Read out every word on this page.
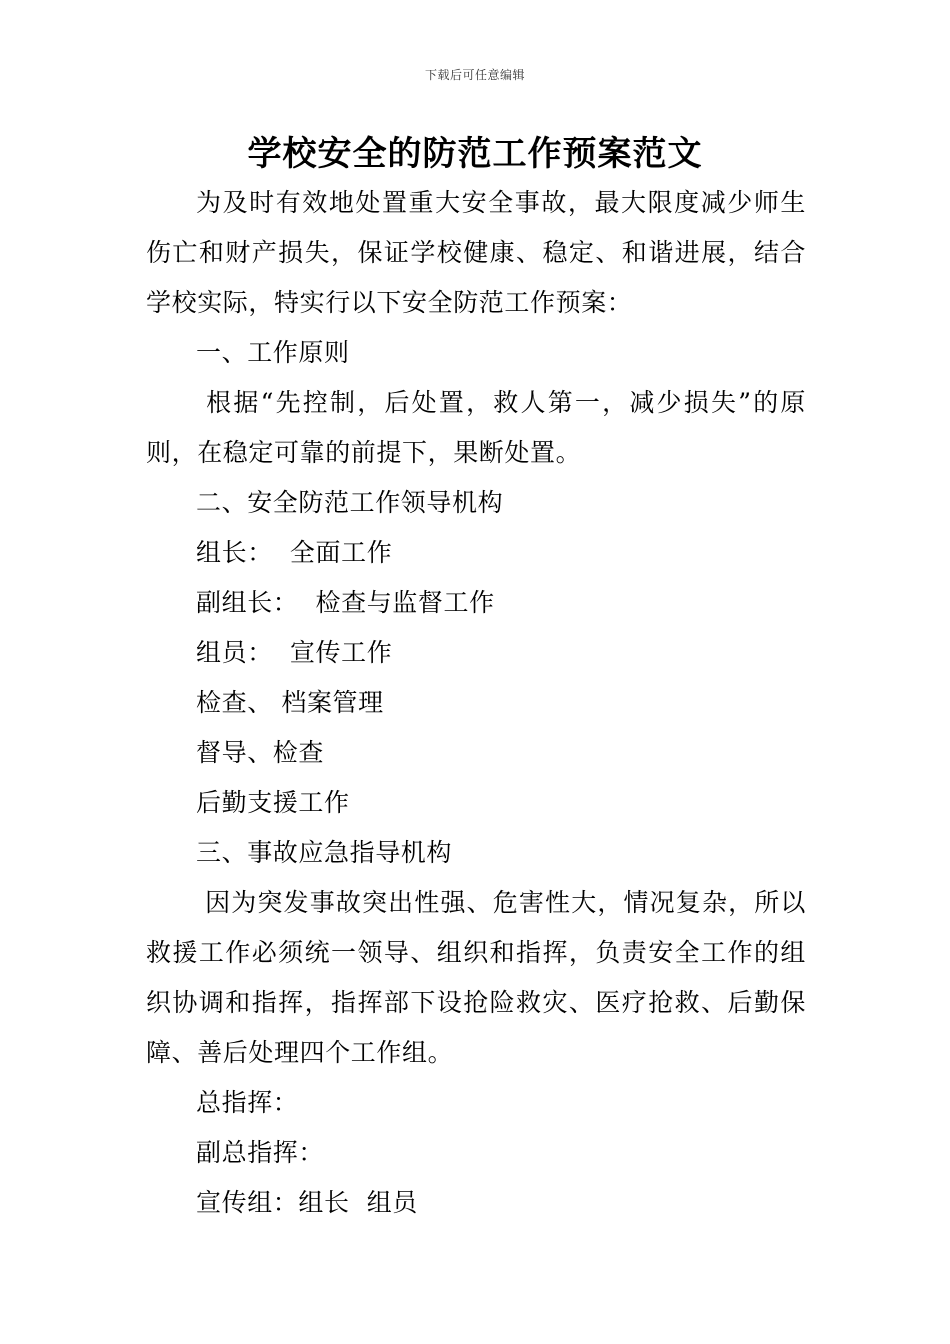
下载后可任意编辑
学校安全的防范工作预案范文

为及时有效地处置重大安全事故，最大限度减少师生伤亡和财产损失，保证学校健康、稳定、和谐进展，结合学校实际，特实行以下安全防范工作预案：

一、工作原则

根据“先控制，后处置，救人第一，减少损失”的原则，在稳定可靠的前提下，果断处置。

二、安全防范工作领导机构

组长：  全面工作

副组长：  检查与监督工作

组员：  宣传工作

检查、 档案管理

督导、检查

后勤支援工作

三、事故应急指导机构

因为突发事故突出性强、危害性大，情况复杂，所以救援工作必须统一领导、组织和指挥，负责安全工作的组织协调和指挥，指挥部下设抢险救灾、医疗抢救、后勤保障、善后处理四个工作组。

总指挥：

副总指挥：

宣传组：组长  组员
